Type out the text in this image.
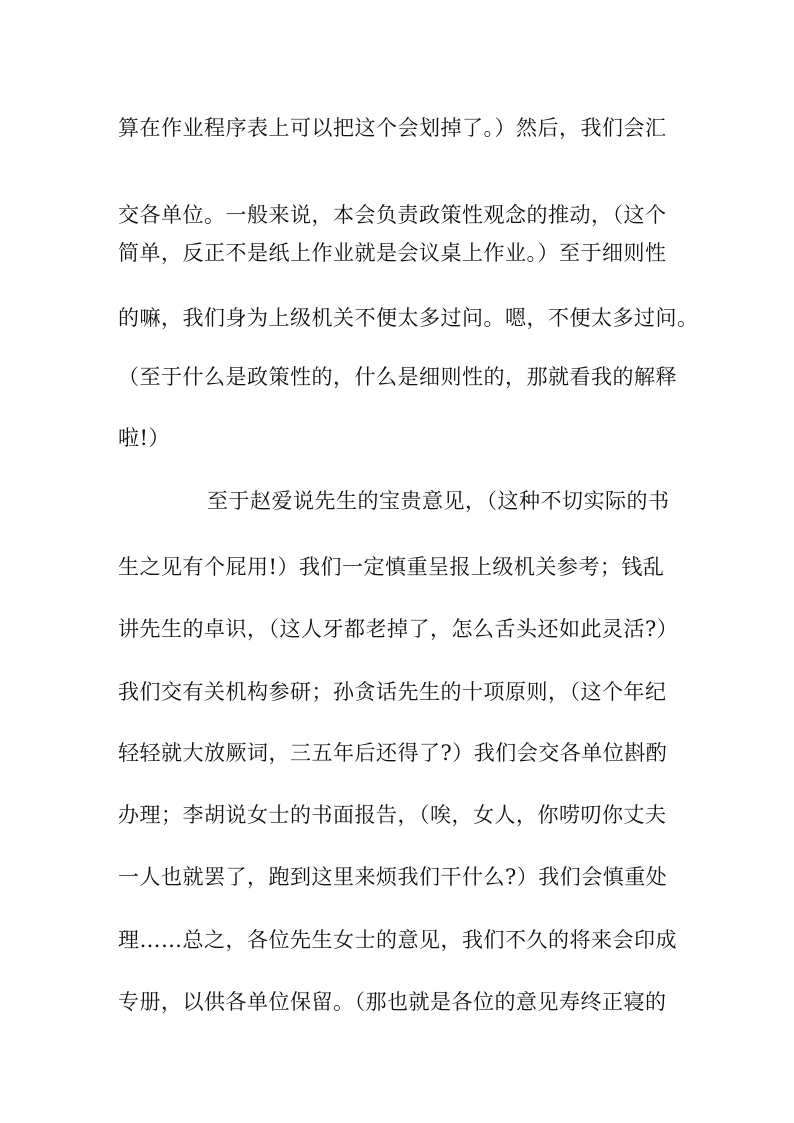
算在作业程序表上可以把这个会划掉了。）然后，我们会汇
交各单位。一般来说，本会负责政策性观念的推动，（这个
简单，反正不是纸上作业就是会议桌上作业。）至于细则性
的嘛，我们身为上级机关不便太多过问。嗯，不便太多过问。
（至于什么是政策性的，什么是细则性的，那就看我的解释
啦!）
至于赵爱说先生的宝贵意见，（这种不切实际的书
生之见有个屁用!）我们一定慎重呈报上级机关参考；钱乱
讲先生的卓识，（这人牙都老掉了，怎么舌头还如此灵活?）
我们交有关机构参研；孙贪话先生的十项原则，（这个年纪
轻轻就大放厥词，三五年后还得了?）我们会交各单位斟酌
办理；李胡说女士的书面报告，（唉，女人，你唠叨你丈夫
一人也就罢了，跑到这里来烦我们干什么?）我们会慎重处
理……总之，各位先生女士的意见，我们不久的将来会印成
专册，以供各单位保留。（那也就是各位的意见寿终正寝的
